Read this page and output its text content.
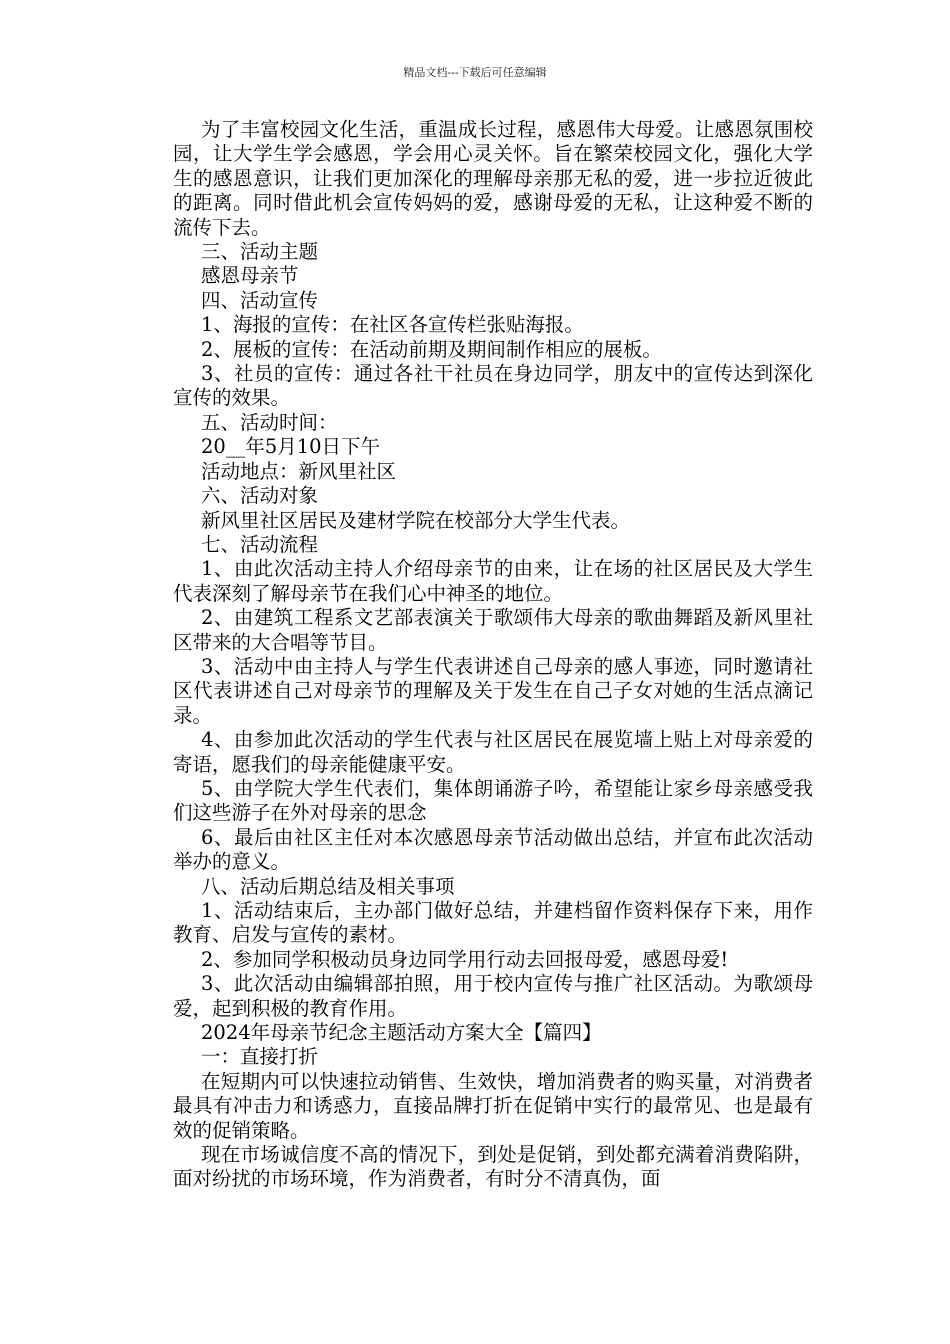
精品文档---下载后可任意编辑

为了丰富校园文化生活，重温成长过程，感恩伟大母爱。让感恩氛围校园，让大学生学会感恩，学会用心灵关怀。旨在繁荣校园文化，强化大学生的感恩意识，让我们更加深化的理解母亲那无私的爱，进一步拉近彼此的距离。同时借此机会宣传妈妈的爱，感谢母爱的无私，让这种爱不断的流传下去。

三、活动主题

感恩母亲节

四、活动宣传

1、海报的宣传：在社区各宣传栏张贴海报。

2、展板的宣传：在活动前期及期间制作相应的展板。

3、社员的宣传：通过各社干社员在身边同学，朋友中的宣传达到深化宣传的效果。

五、活动时间：

20__年5月10日下午

活动地点：新风里社区

六、活动对象

新风里社区居民及建材学院在校部分大学生代表。

七、活动流程

1、由此次活动主持人介绍母亲节的由来，让在场的社区居民及大学生代表深刻了解母亲节在我们心中神圣的地位。

2、由建筑工程系文艺部表演关于歌颂伟大母亲的歌曲舞蹈及新风里社区带来的大合唱等节目。

3、活动中由主持人与学生代表讲述自己母亲的感人事迹，同时邀请社区代表讲述自己对母亲节的理解及关于发生在自己子女对她的生活点滴记录。

4、由参加此次活动的学生代表与社区居民在展览墙上贴上对母亲爱的寄语，愿我们的母亲能健康平安。

5、由学院大学生代表们，集体朗诵游子吟，希望能让家乡母亲感受我们这些游子在外对母亲的思念

6、最后由社区主任对本次感恩母亲节活动做出总结，并宣布此次活动举办的意义。

八、活动后期总结及相关事项

1、活动结束后，主办部门做好总结，并建档留作资料保存下来，用作教育、启发与宣传的素材。

2、参加同学积极动员身边同学用行动去回报母爱，感恩母爱!

3、此次活动由编辑部拍照，用于校内宣传与推广社区活动。为歌颂母爱，起到积极的教育作用。

2024年母亲节纪念主题活动方案大全【篇四】

一：直接打折

在短期内可以快速拉动销售、生效快，增加消费者的购买量，对消费者最具有冲击力和诱惑力，直接品牌打折在促销中实行的最常见、也是最有效的促销策略。

现在市场诚信度不高的情况下，到处是促销，到处都充满着消费陷阱，面对纷扰的市场环境，作为消费者，有时分不清真伪，面
